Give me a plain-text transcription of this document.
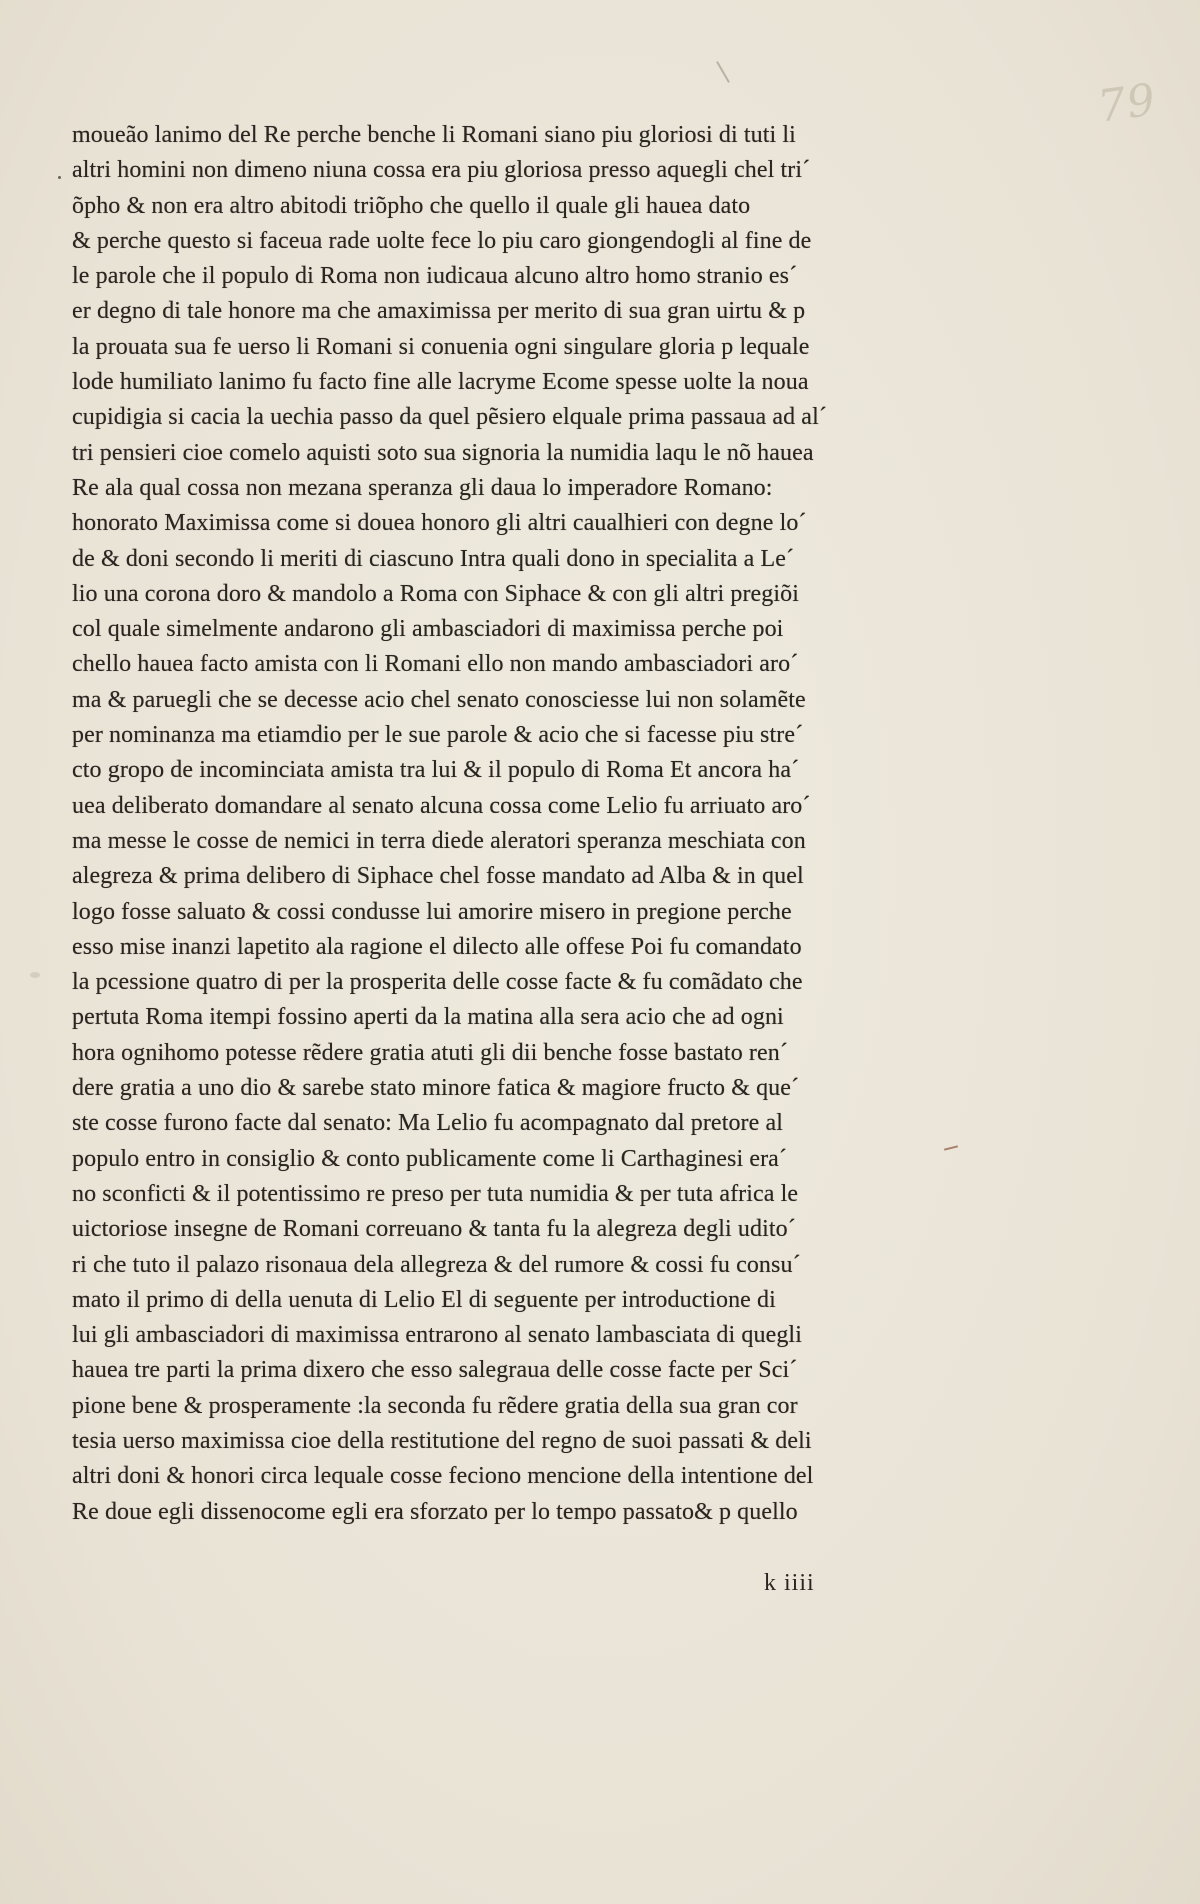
79
moueão lanimo del Re perche benche li Romani siano piu gloriosi di tuti li
altri homini non dimeno niuna cossa era piu gloriosa presso aquegli chel tri´
õpho & non era altro abitodi triõpho che quello il quale gli hauea dato
& perche questo si faceua rade uolte fece lo piu caro giongendogli al fine de
le parole che il populo di Roma non iudicaua alcuno altro homo stranio es´
er degno di tale honore ma che amaximissa per merito di sua gran uirtu & p
la prouata sua fe uerso li Romani si conuenia ogni singulare gloria p lequale
lode humiliato lanimo fu facto fine alle lacryme Ecome spesse uolte la noua
cupidigia si cacia la uechia passo da quel pẽsiero elquale prima passaua ad al´
tri pensieri cioe comelo aquisti soto sua signoria la numidia laqu le nõ hauea
Re ala qual cossa non mezana speranza gli daua lo imperadore Romano:
honorato Maximissa come si douea honoro gli altri caualhieri con degne lo´
de & doni secondo li meriti di ciascuno Intra quali dono in specialita a Le´
lio una corona doro & mandolo a Roma con Siphace & con gli altri pregiõi
col quale simelmente andarono gli ambasciadori di maximissa perche poi
chello hauea facto amista con li Romani ello non mando ambasciadori aro´
ma & paruegli che se decesse acio chel senato conosciesse lui non solamẽte
per nominanza ma etiamdio per le sue parole & acio che si facesse piu stre´
cto gropo de incominciata amista tra lui & il populo di Roma Et ancora ha´
uea deliberato domandare al senato alcuna cossa come Lelio fu arriuato aro´
ma messe le cosse de nemici in terra diede aleratori speranza meschiata con
alegreza & prima delibero di Siphace chel fosse mandato ad Alba & in quel
logo fosse saluato & cossi condusse lui amorire misero in pregione perche
esso mise inanzi lapetito ala ragione el dilecto alle offese Poi fu comandato
la pcessione quatro di per la prosperita delle cosse facte & fu comãdato che
pertuta Roma itempi fossino aperti da la matina alla sera acio che ad ogni
hora ognihomo potesse rẽdere gratia atuti gli dii benche fosse bastato ren´
dere gratia a uno dio & sarebe stato minore fatica & magiore fructo & que´
ste cosse furono facte dal senato: Ma Lelio fu acompagnato dal pretore al
populo entro in consiglio & conto publicamente come li Carthaginesi era´
no sconficti & il potentissimo re preso per tuta numidia & per tuta africa le
uictoriose insegne de Romani correuano & tanta fu la alegreza degli udito´
ri che tuto il palazo risonaua dela allegreza & del rumore & cossi fu consu´
mato il primo di della uenuta di Lelio El di seguente per introductione di
lui gli ambasciadori di maximissa entrarono al senato lambasciata di quegli
hauea tre parti la prima dixero che esso salegraua delle cosse facte per Sci´
pione bene & prosperamente :la seconda fu rẽdere gratia della sua gran cor
tesia uerso maximissa cioe della restitutione del regno de suoi passati & deli
altri doni & honori circa lequale cosse feciono mencione della intentione del
Re doue egli dissenocome egli era sforzato per lo tempo passato& p quello
k iiii
